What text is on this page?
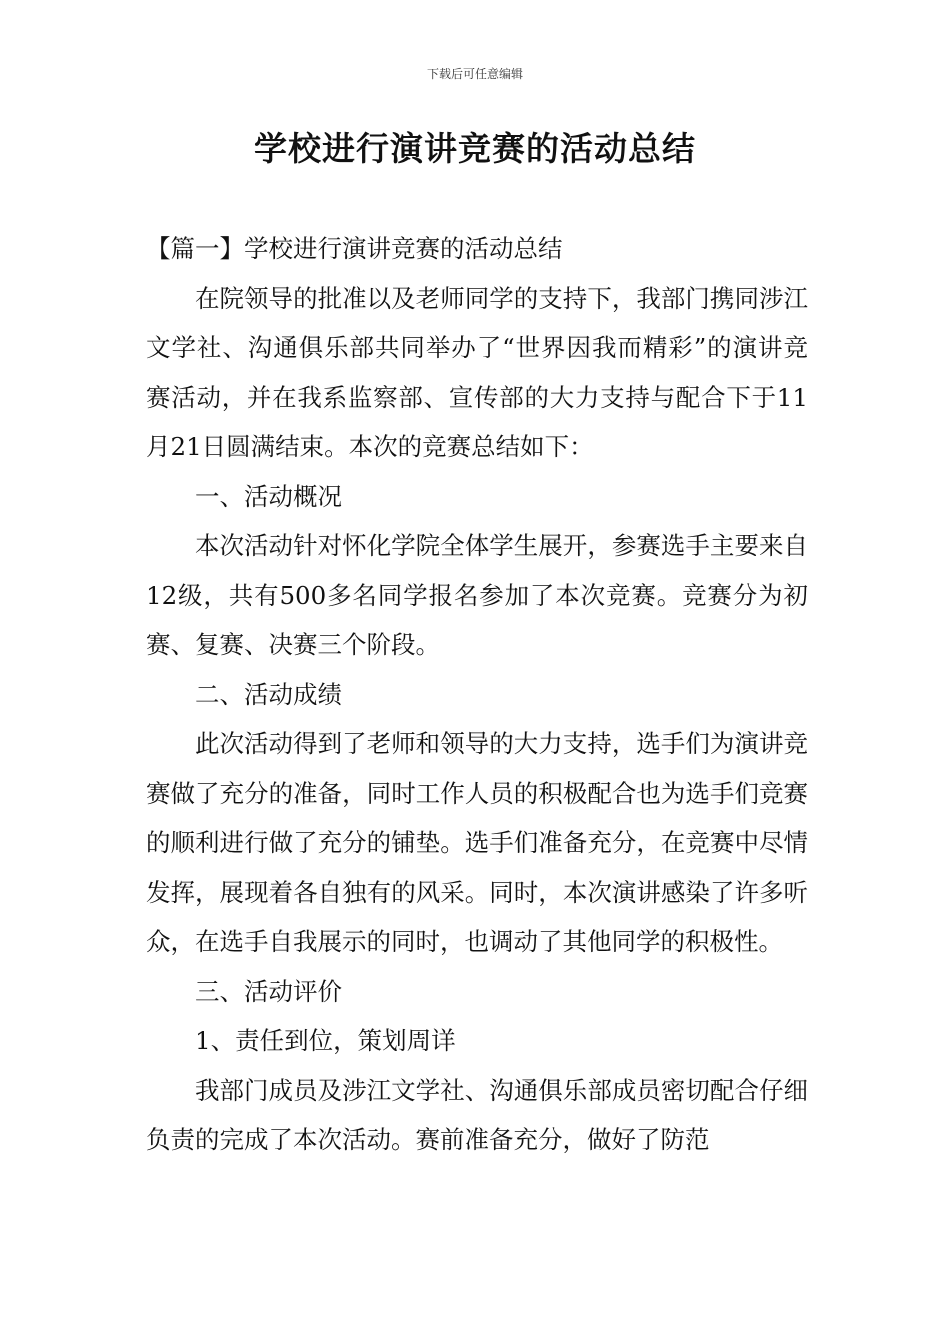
下载后可任意编辑
学校进行演讲竞赛的活动总结

【篇一】学校进行演讲竞赛的活动总结

在院领导的批准以及老师同学的支持下，我部门携同涉江文学社、沟通俱乐部共同举办了“世界因我而精彩”的演讲竞赛活动，并在我系监察部、宣传部的大力支持与配合下于11月21日圆满结束。本次的竞赛总结如下：

一、活动概况

本次活动针对怀化学院全体学生展开，参赛选手主要来自12级，共有500多名同学报名参加了本次竞赛。竞赛分为初赛、复赛、决赛三个阶段。

二、活动成绩

此次活动得到了老师和领导的大力支持，选手们为演讲竞赛做了充分的准备，同时工作人员的积极配合也为选手们竞赛的顺利进行做了充分的铺垫。选手们准备充分，在竞赛中尽情发挥，展现着各自独有的风采。同时，本次演讲感染了许多听众，在选手自我展示的同时，也调动了其他同学的积极性。

三、活动评价

1、责任到位，策划周详

我部门成员及涉江文学社、沟通俱乐部成员密切配合仔细负责的完成了本次活动。赛前准备充分，做好了防范
